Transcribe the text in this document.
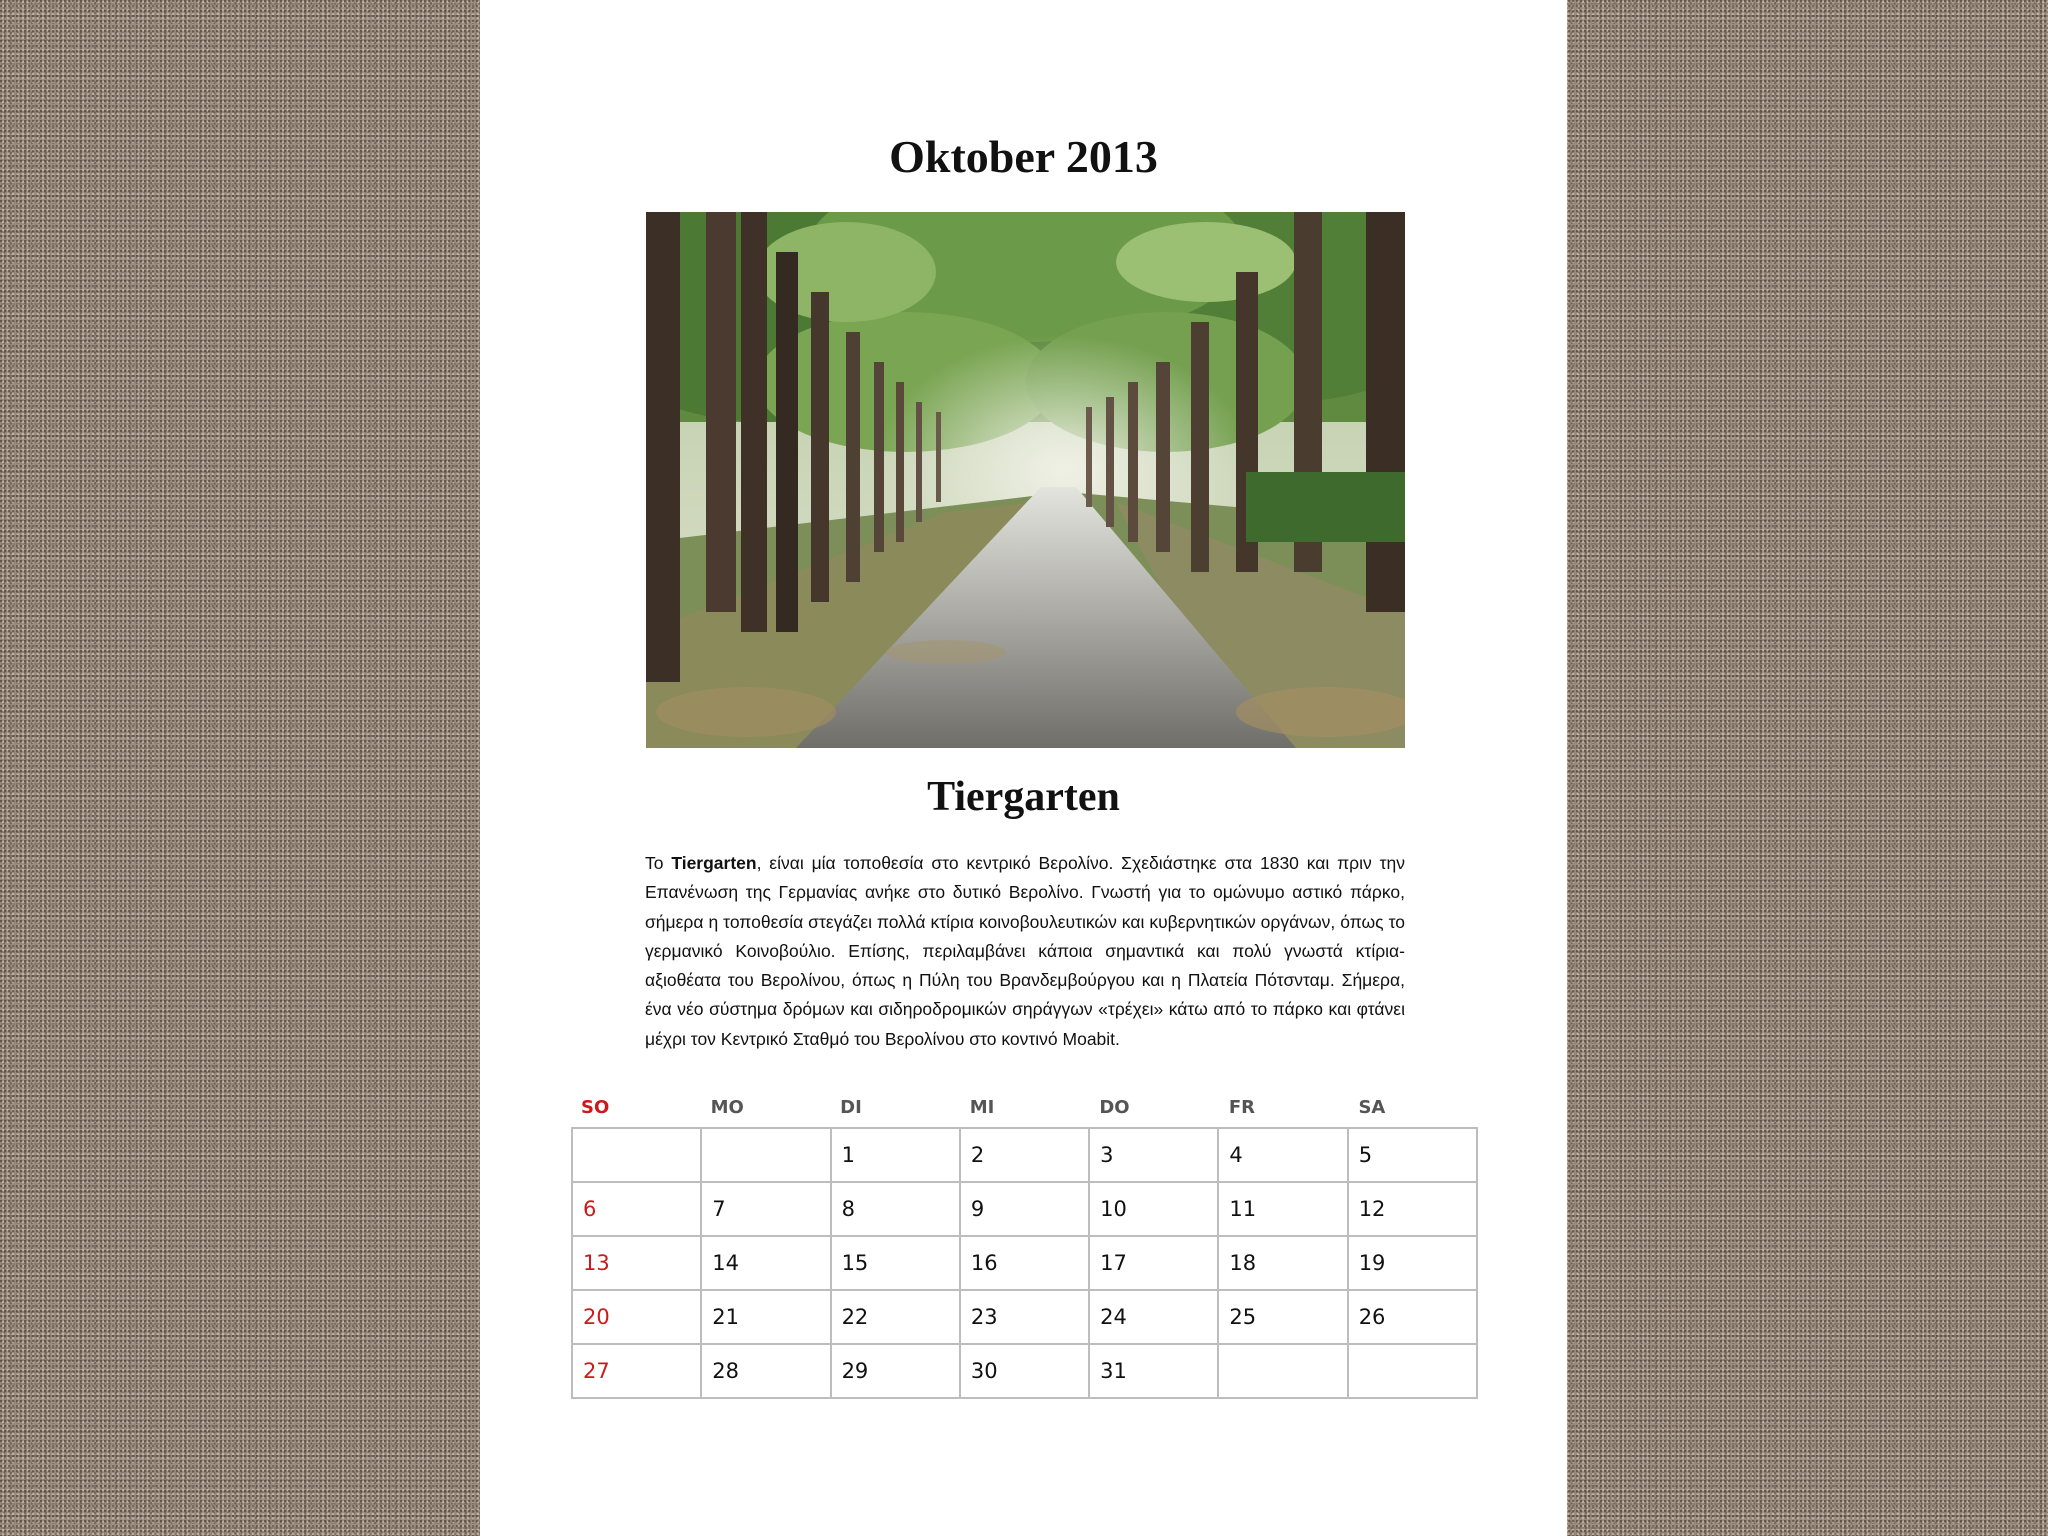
Oktober 2013
Tiergarten

Το Tiergarten, είναι μία τοποθεσία στο κεντρικό Βερολίνο. Σχεδιάστηκε στα 1830 και πριν την Επανένωση της Γερμανίας ανήκε στο δυτικό Βερολίνο. Γνωστή για το ομώνυμο αστικό πάρκο, σήμερα η τοποθεσία στεγάζει πολλά κτίρια κοινοβουλευτικών και κυβερνητικών οργάνων, όπως το γερμανικό Κοινοβούλιο. Επίσης, περιλαμβάνει κάποια σημαντικά και πολύ γνωστά κτίρια-αξιοθέατα του Βερολίνου, όπως η Πύλη του Βρανδεμβούργου και η Πλατεία Πότσνταμ. Σήμερα, ένα νέο σύστημα δρόμων και σιδηροδρομικών σηράγγων «τρέχει» κάτω από το πάρκο και φτάνει μέχρι τον Κεντρικό Σταθμό του Βερολίνου στο κοντινό Moabit.

SO	MO	DI	MI	DO	FR	SA
		1	2	3	4	5
6	7	8	9	10	11	12
13	14	15	16	17	18	19
20	21	22	23	24	25	26
27	28	29	30	31		
